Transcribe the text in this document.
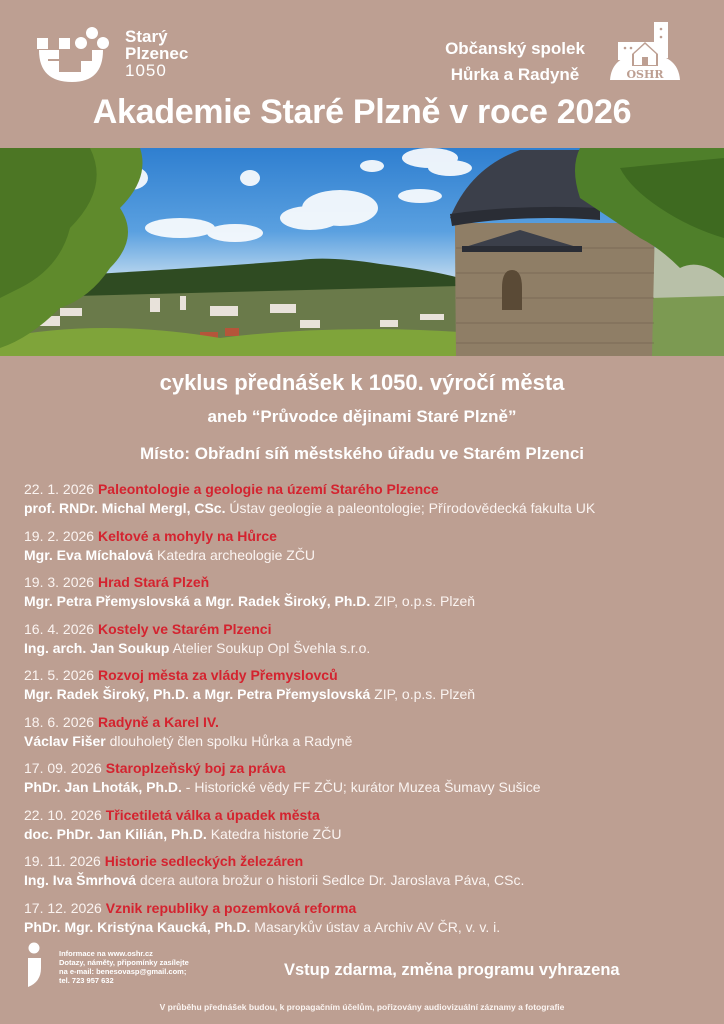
Starý
Plzenec
1050
Občanský spolek
Hůrka a Radyně	OSHR
Akademie Staré Plzně v roce 2026
cyklus přednášek k 1050. výročí města
aneb “Průvodce dějinami Staré Plzně”
Místo: Obřadní síň městského úřadu ve Starém Plzenci
22. 1. 2026 Paleontologie a geologie na území Starého Plzence
prof. RNDr. Michal Mergl, CSc. Ústav geologie a paleontologie; Přírodovědecká fakulta UK
19. 2. 2026 Keltové a mohyly na Hůrce
Mgr. Eva Míchalová Katedra archeologie ZČU
19. 3. 2026 Hrad Stará Plzeň
Mgr. Petra Přemyslovská a Mgr. Radek Široký, Ph.D. ZIP, o.p.s. Plzeň
16. 4. 2026 Kostely ve Starém Plzenci
Ing. arch. Jan Soukup Atelier Soukup Opl Švehla s.r.o.
21. 5. 2026 Rozvoj města za vlády Přemyslovců
Mgr. Radek Široký, Ph.D. a Mgr. Petra Přemyslovská ZIP, o.p.s. Plzeň
18. 6. 2026 Radyně a Karel IV.
Václav Fišer dlouholetý člen spolku Hůrka a Radyně
17. 09. 2026 Staroplzeňský boj za práva
PhDr. Jan Lhoták, Ph.D. - Historické vědy FF ZČU; kurátor Muzea Šumavy Sušice
22. 10. 2026 Třicetiletá válka a úpadek města
doc. PhDr. Jan Kilián, Ph.D. Katedra historie ZČU
19. 11. 2026 Historie sedleckých železáren
Ing. Iva Šmrhová dcera autora brožur o historii Sedlce Dr. Jaroslava Páva, CSc.
17. 12. 2026 Vznik republiky a pozemková reforma
PhDr. Mgr. Kristýna Kaucká, Ph.D. Masarykův ústav a Archiv AV ČR, v. v. i.
Informace na www.oshr.cz
Dotazy, náměty, připomínky zasílejte
na e-mail: benesovasp@gmail.com;
tel. 723 957 632
Vstup zdarma, změna programu vyhrazena
V průběhu přednášek budou, k propagačním účelům, pořizovány audiovizuální záznamy a fotografie
